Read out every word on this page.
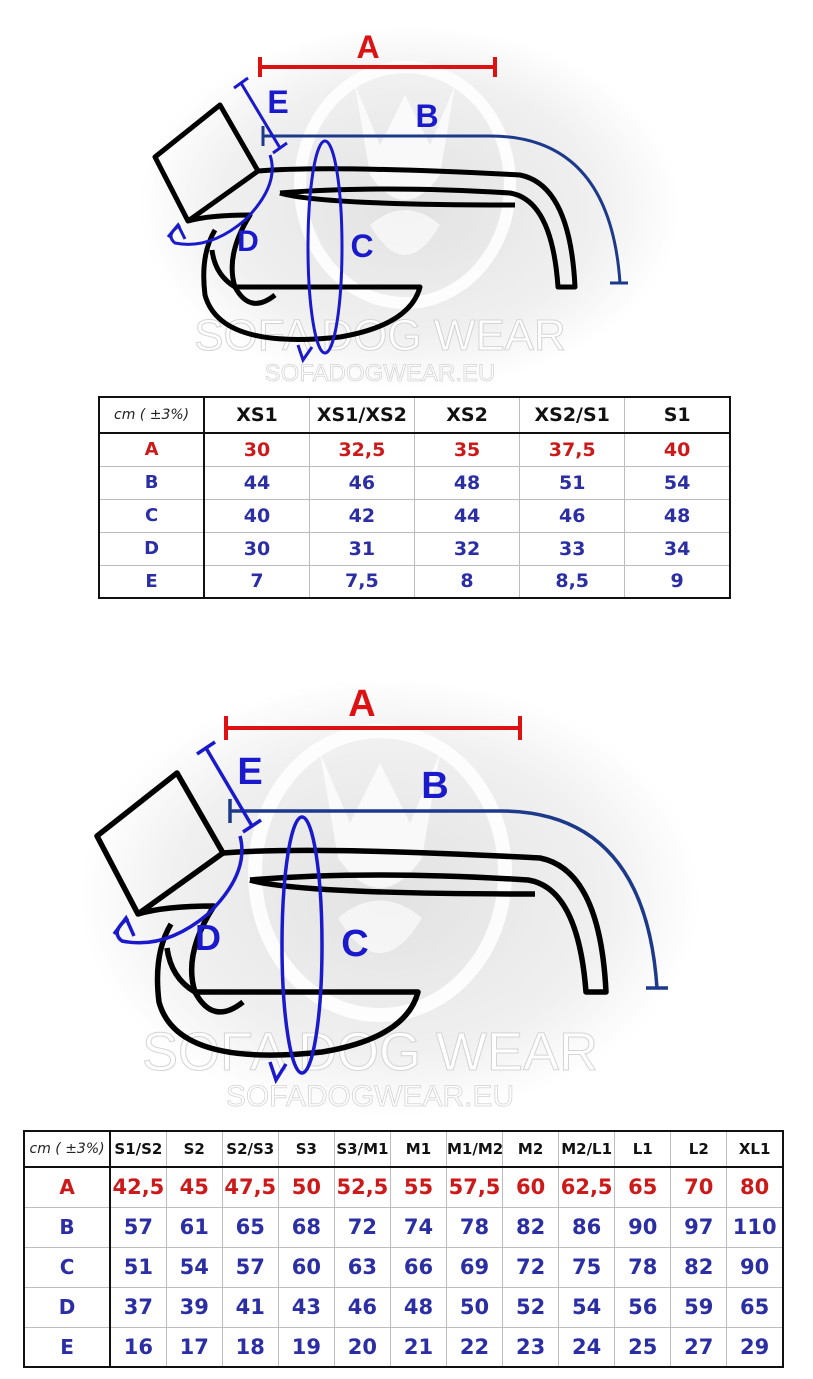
SOFA DOG WEAR
SOFADOGWEAR.EU
A
B
E
C
D
cm ( ±3%)	XS1	XS1/XS2	XS2	XS2/S1	S1
A	30	32,5	35	37,5	40
B	44	46	48	51	54
C	40	42	44	46	48
D	30	31	32	33	34
E	7	7,5	8	8,5	9
SOFA DOG WEAR
SOFADOGWEAR.EU
A
B
E
C
D
cm ( ±3%)	S1/S2	S2	S2/S3	S3	S3/M1	M1	M1/M2	M2	M2/L1	L1	L2	XL1
A	42,5	45	47,5	50	52,5	55	57,5	60	62,5	65	70	80
B	57	61	65	68	72	74	78	82	86	90	97	110
C	51	54	57	60	63	66	69	72	75	78	82	90
D	37	39	41	43	46	48	50	52	54	56	59	65
E	16	17	18	19	20	21	22	23	24	25	27	29
